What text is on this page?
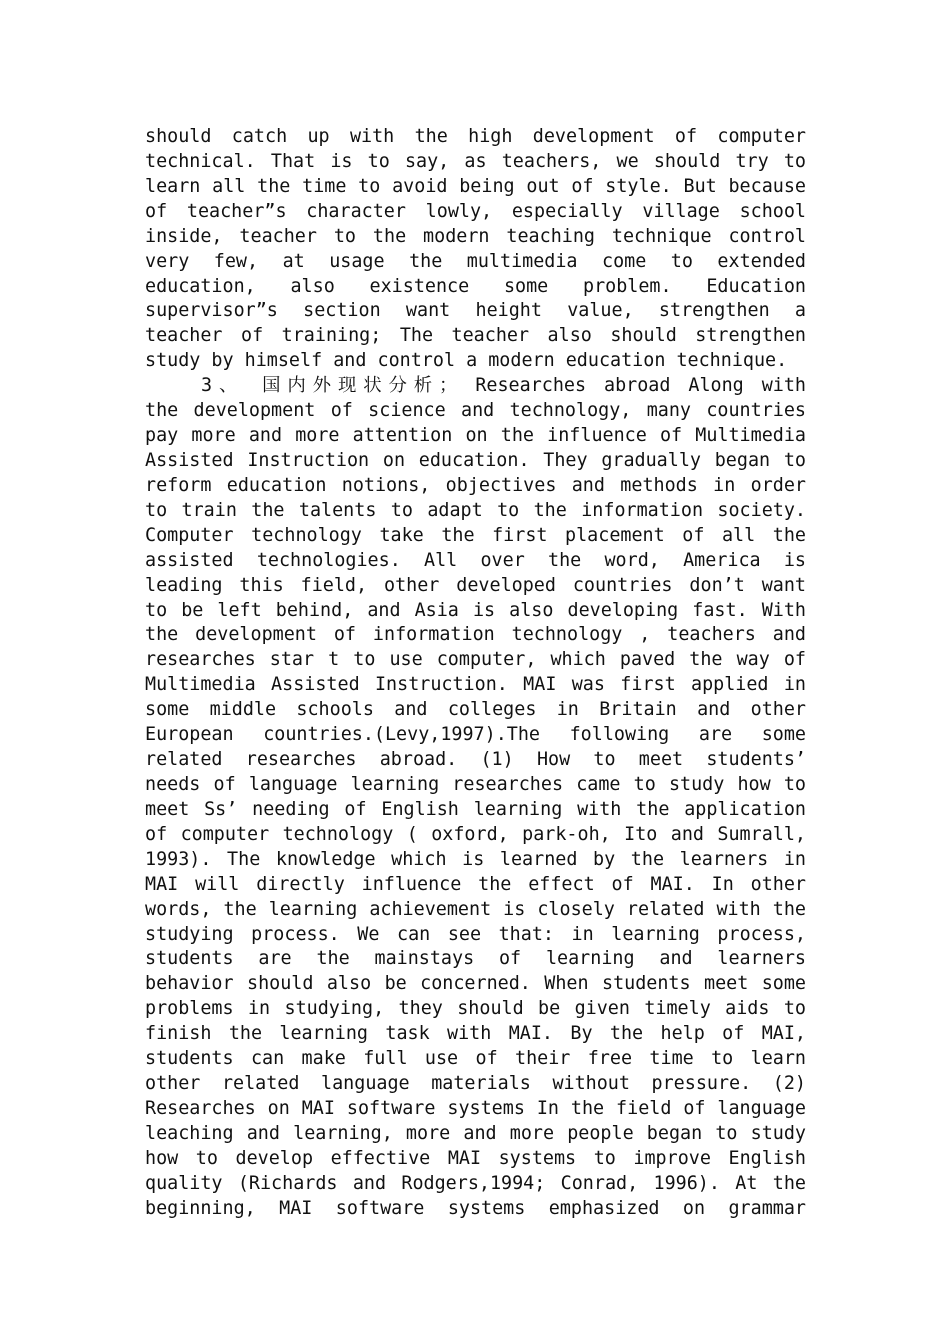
should catch up with the high development of computer
technical. That is to say, as teachers, we should try to
learn all the time to avoid being out of style. But because
of teacher”s character lowly, especially village school
inside, teacher to the modern teaching technique control
very few, at usage the multimedia come to extended
education, also existence some problem. Education
supervisor”s section want height value, strengthen a
teacher of training; The teacher also should strengthen
study by himself and control a modern education technique.
3、 国内外现状分析； Researches abroad Along with
the development of science and technology, many countries
pay more and more attention on the influence of Multimedia
Assisted Instruction on education. They gradually began to
reform education notions, objectives and methods in order
to train the talents to adapt to the information society.
Computer technology take the first placement of all the
assisted technologies. All over the word, America is
leading this field, other developed countries don’t want
to be left behind, and Asia is also developing fast. With
the development of information technology , teachers and
researches star t to use computer, which paved the way of
Multimedia Assisted Instruction. MAI was first applied in
some middle schools and colleges in Britain and other
European countries.(Levy,1997).The following are some
related researches abroad. (1) How to meet students’
needs of language learning researches came to study how to
meet Ss’ needing of English learning with the application
of computer technology ( oxford, park-oh, Ito and Sumrall,
1993). The knowledge which is learned by the learners in
MAI will directly influence the effect of MAI. In other
words, the learning achievement is closely related with the
studying process. We can see that: in learning process,
students are the mainstays of learning and learners
behavior should also be concerned. When students meet some
problems in studying, they should be given timely aids to
finish the learning task with MAI. By the help of MAI,
students can make full use of their free time to learn
other related language materials without pressure. (2)
Researches on MAI software systems In the field of language
leaching and learning, more and more people began to study
how to develop effective MAI systems to improve English
quality (Richards and Rodgers,1994; Conrad, 1996). At the
beginning, MAI software systems emphasized on grammar
